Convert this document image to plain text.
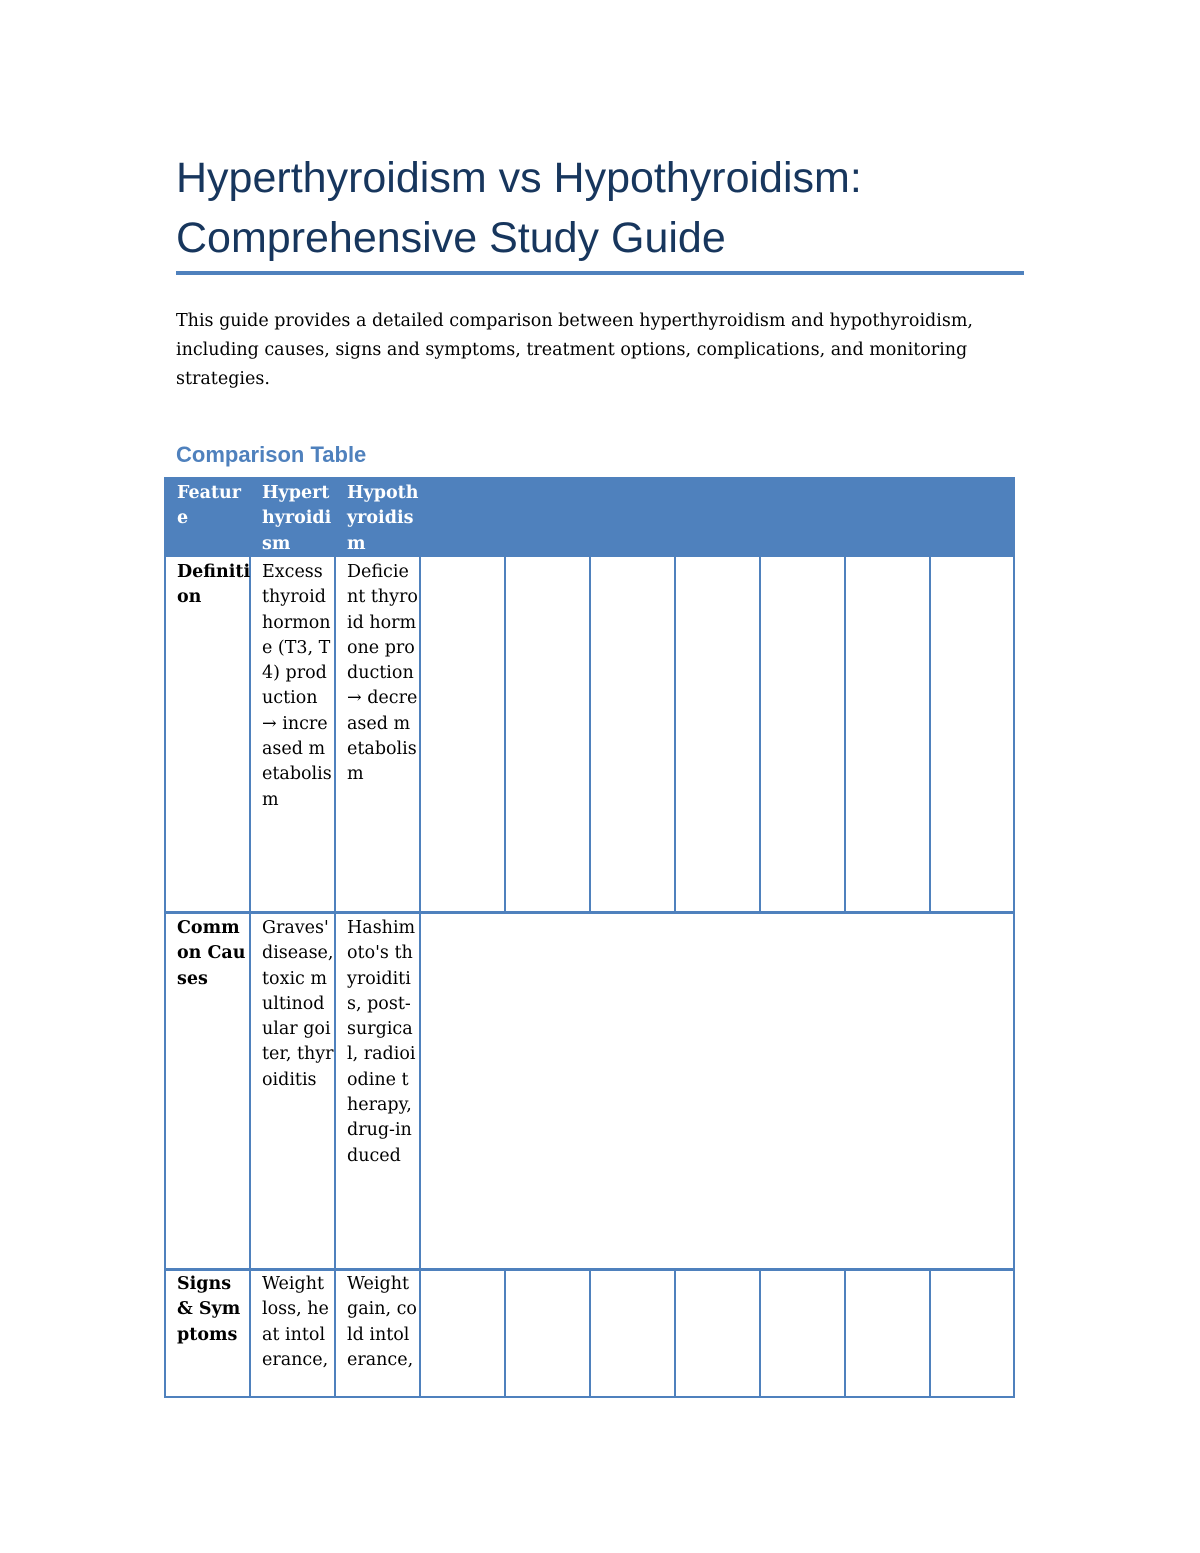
Hyperthyroidism vs Hypothyroidism:
Comprehensive Study Guide

This guide provides a detailed comparison between hyperthyroidism and hypothyroidism, including causes, signs and symptoms, treatment options, complications, and monitoring strategies.

Comparison Table
Feature
Hyperthyroidism
Hypothyroidism
Definition
Excess thyroid hormone (T3, T4) production → increased metabolism
Deficient thyroid hormone production → decreased metabolism
Common Causes
Graves' disease, toxic multinodular goiter, thyroiditis
Hashimoto's thyroiditis, post-surgical, radioiodine therapy, drug-induced
Signs & Symptoms
Weight loss, heat intolerance,
Weight gain, cold intolerance,
